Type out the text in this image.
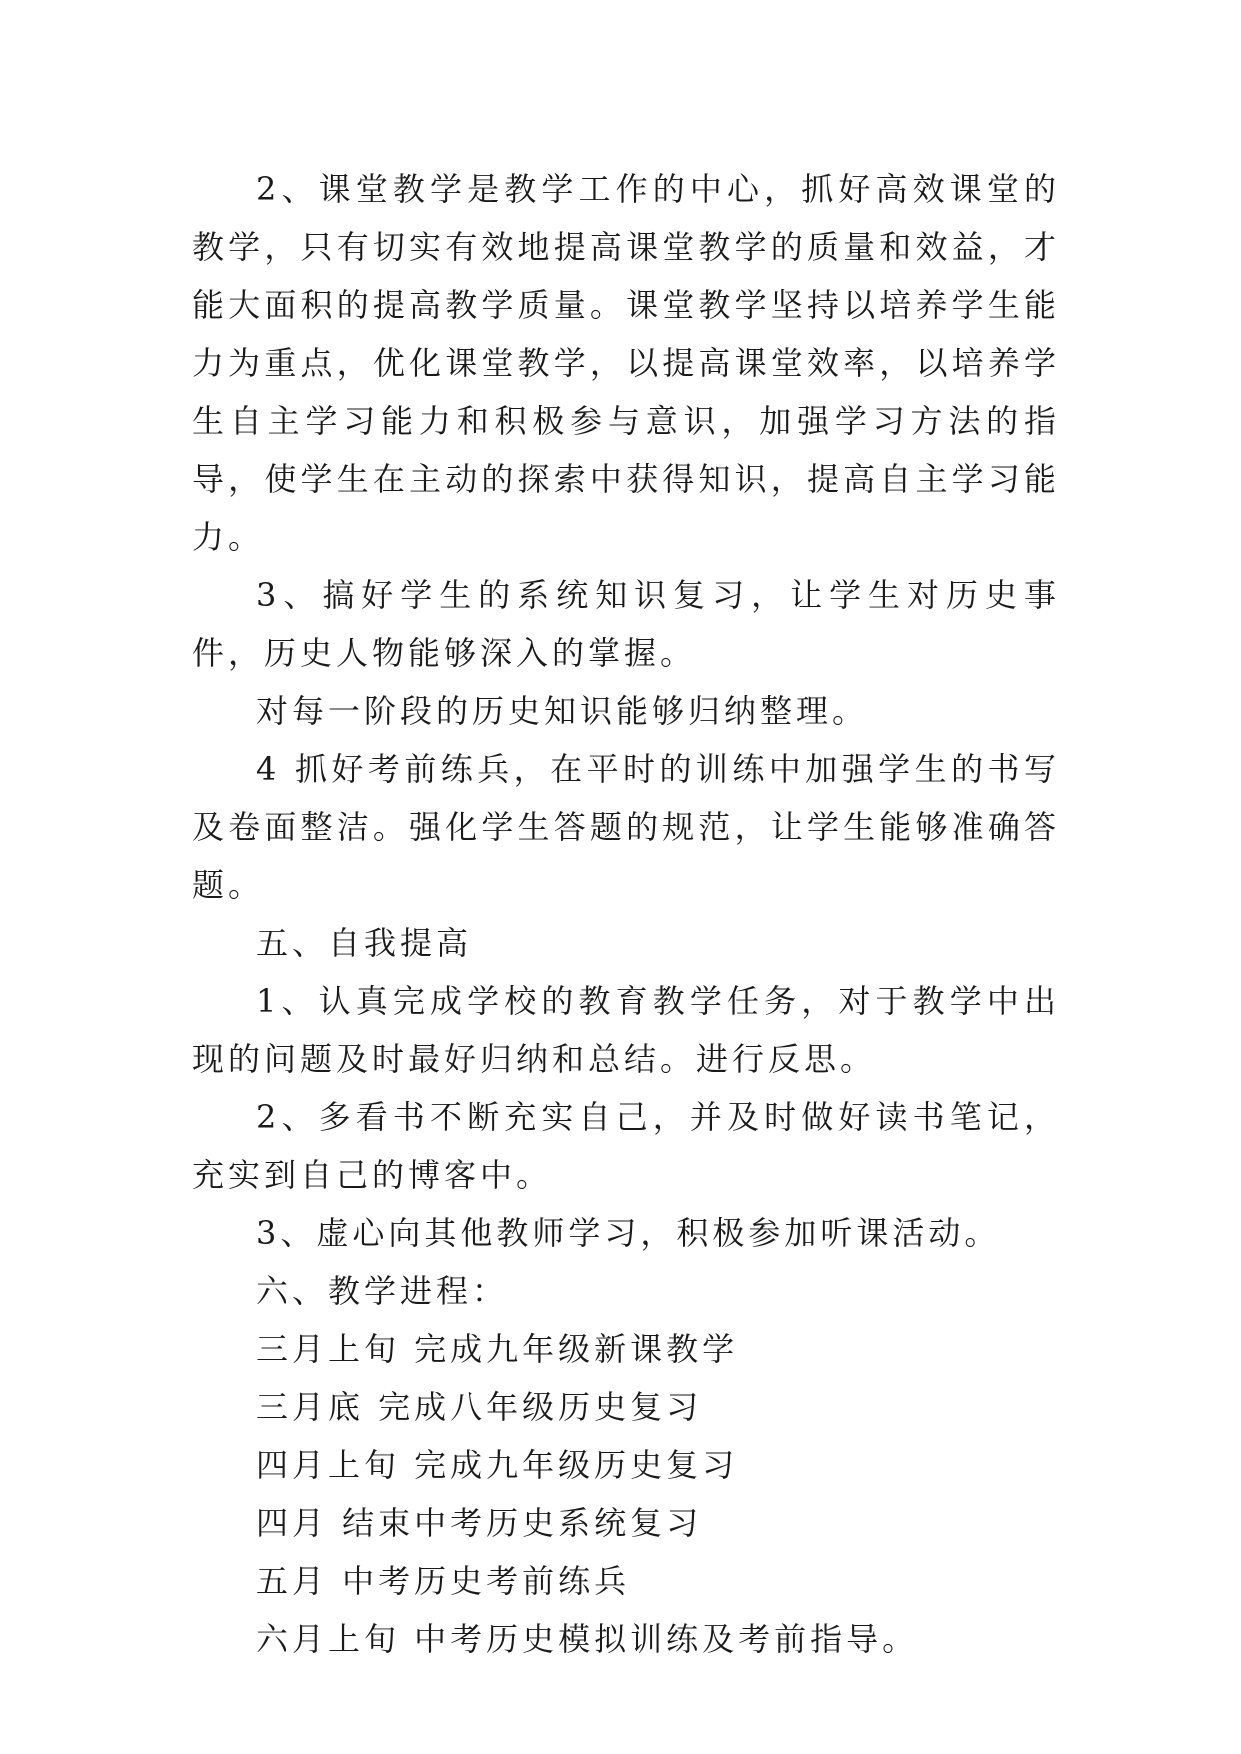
2、课堂教学是教学工作的中心，抓好高效课堂的教学，只有切实有效地提高课堂教学的质量和效益，才能大面积的提高教学质量。课堂教学坚持以培养学生能力为重点，优化课堂教学，以提高课堂效率，以培养学生自主学习能力和积极参与意识，加强学习方法的指导，使学生在主动的探索中获得知识，提高自主学习能力。

3、搞好学生的系统知识复习，让学生对历史事件，历史人物能够深入的掌握。

对每一阶段的历史知识能够归纳整理。

4 抓好考前练兵，在平时的训练中加强学生的书写及卷面整洁。强化学生答题的规范，让学生能够准确答题。

五、自我提高

1、认真完成学校的教育教学任务，对于教学中出现的问题及时最好归纳和总结。进行反思。

2、多看书不断充实自己，并及时做好读书笔记，充实到自己的博客中。

3、虚心向其他教师学习，积极参加听课活动。

六、教学进程：

三月上旬 完成九年级新课教学

三月底 完成八年级历史复习

四月上旬 完成九年级历史复习

四月 结束中考历史系统复习

五月 中考历史考前练兵

六月上旬 中考历史模拟训练及考前指导。
